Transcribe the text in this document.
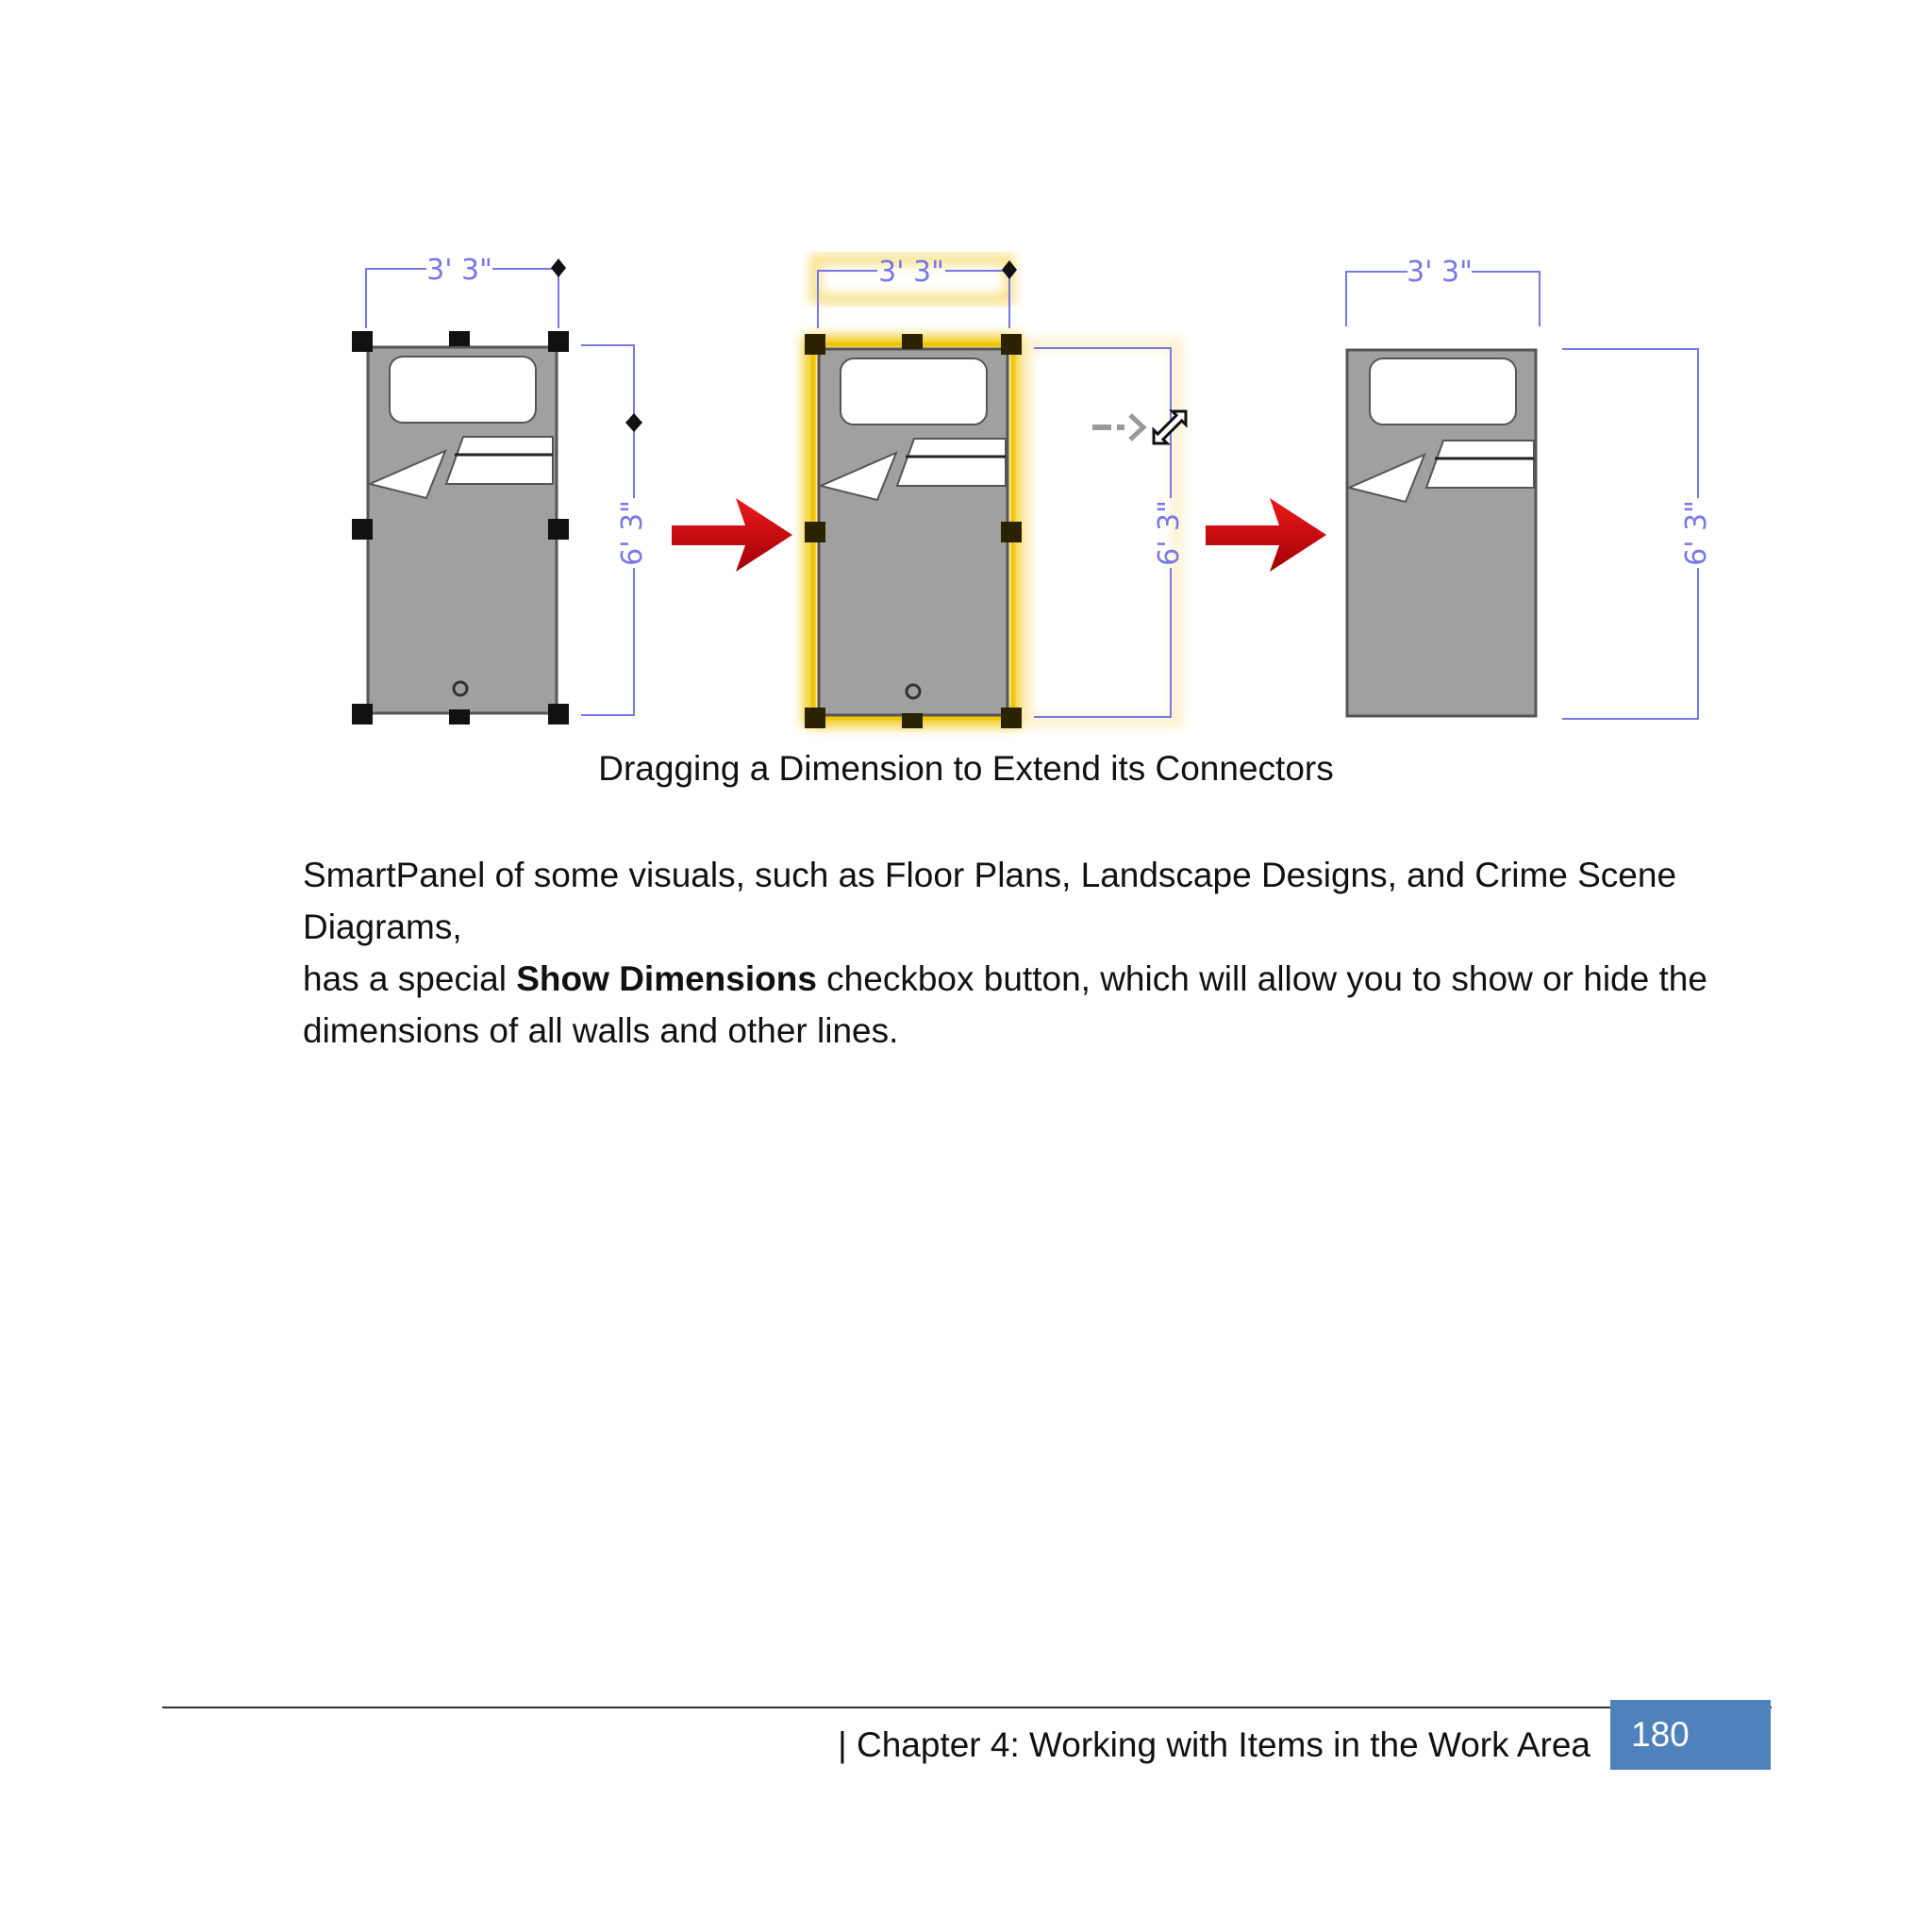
3' 3"
6' 3"
3' 3"
6' 3"
3' 3"
6' 3"
Dragging a Dimension to Extend its Connectors

SmartPanel of some visuals, such as Floor Plans, Landscape Designs, and Crime Scene Diagrams,
has a special Show Dimensions checkbox button, which will allow you to show or hide the
dimensions of all walls and other lines.

| Chapter 4: Working with Items in the Work Area	180
